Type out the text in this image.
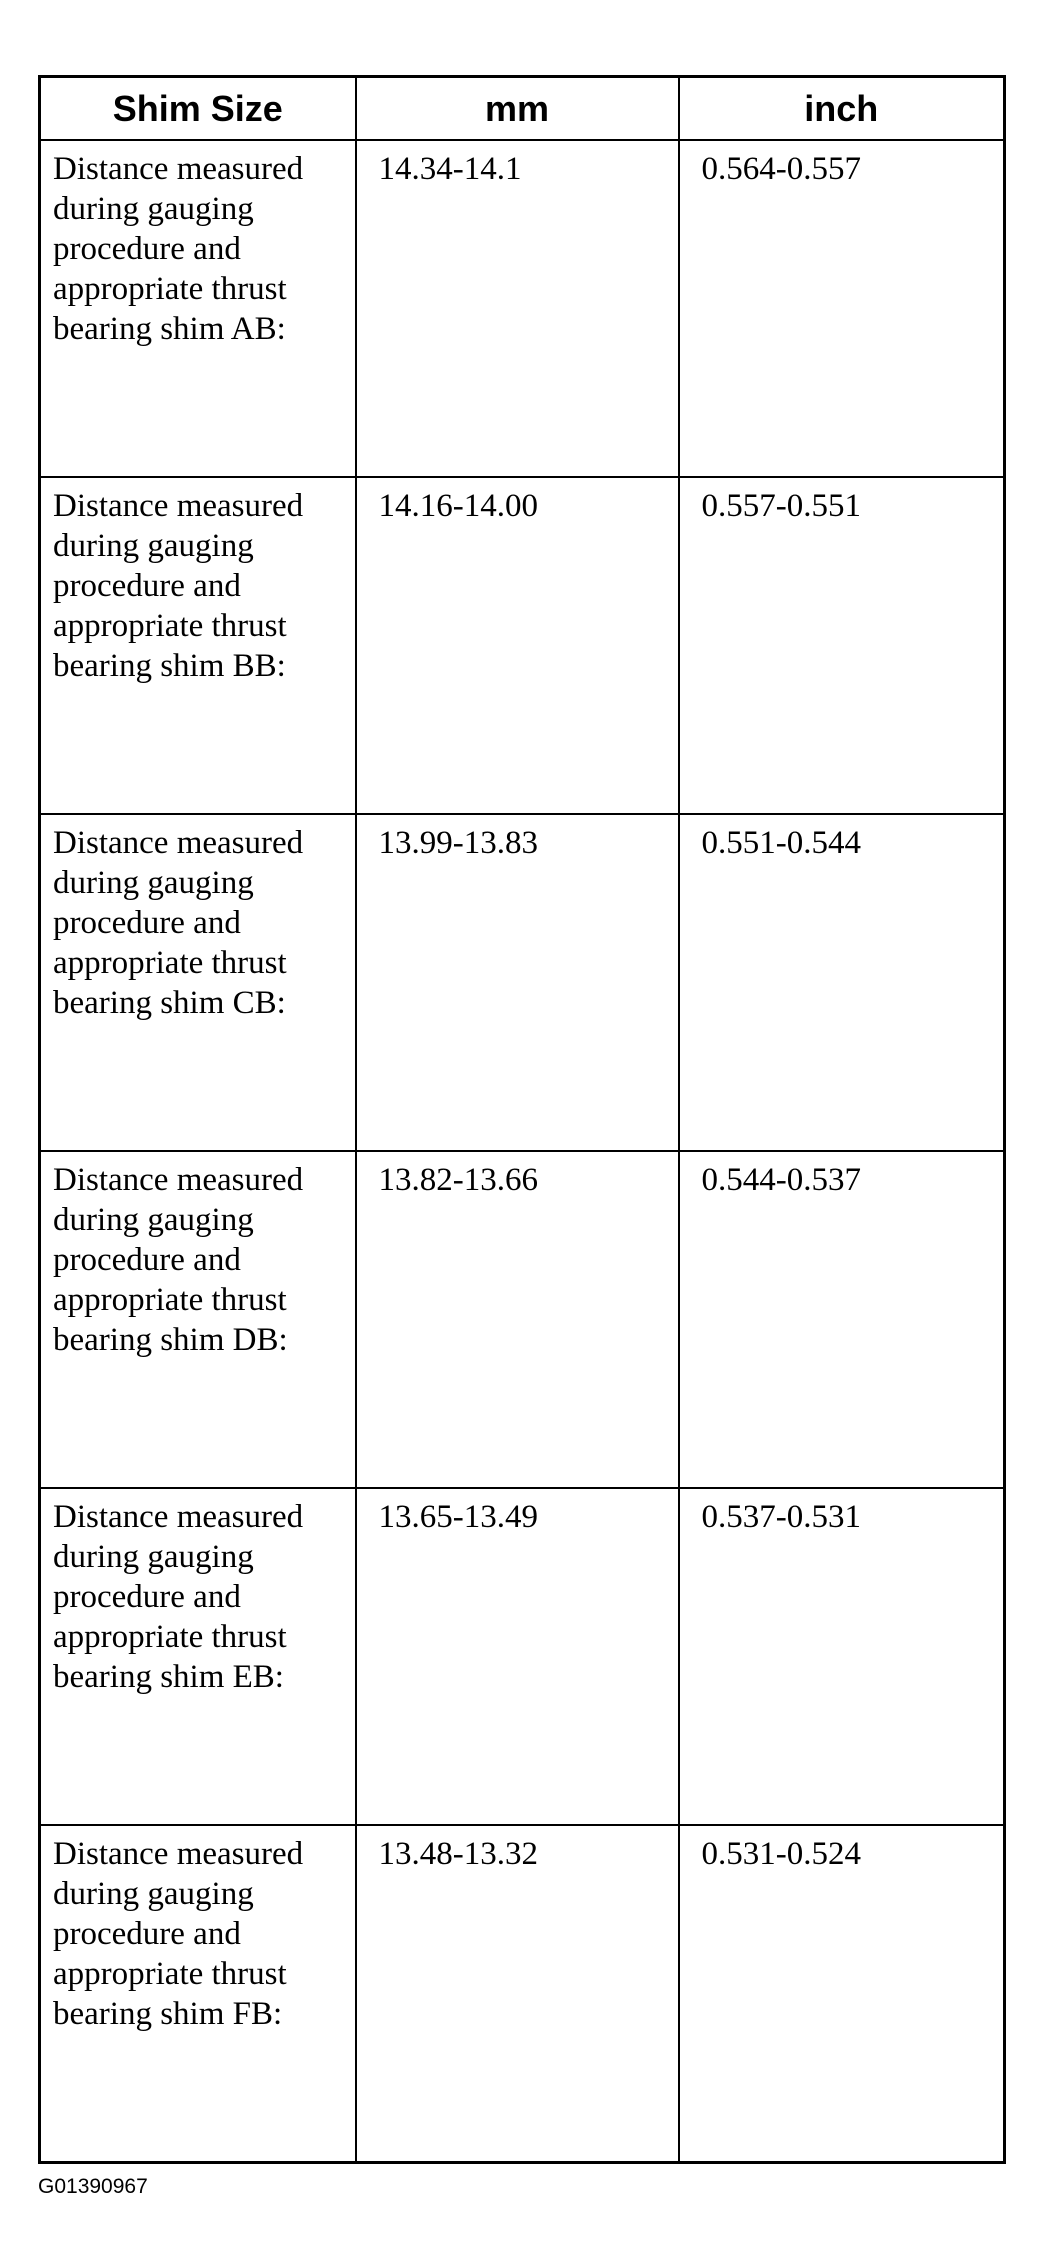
Shim Size	mm	inch
Distance measured during gauging procedure and appropriate thrust bearing shim AB:	14.34-14.1	0.564-0.557
Distance measured during gauging procedure and appropriate thrust bearing shim BB:	14.16-14.00	0.557-0.551
Distance measured during gauging procedure and appropriate thrust bearing shim CB:	13.99-13.83	0.551-0.544
Distance measured during gauging procedure and appropriate thrust bearing shim DB:	13.82-13.66	0.544-0.537
Distance measured during gauging procedure and appropriate thrust bearing shim EB:	13.65-13.49	0.537-0.531
Distance measured during gauging procedure and appropriate thrust bearing shim FB:	13.48-13.32	0.531-0.524
G01390967
